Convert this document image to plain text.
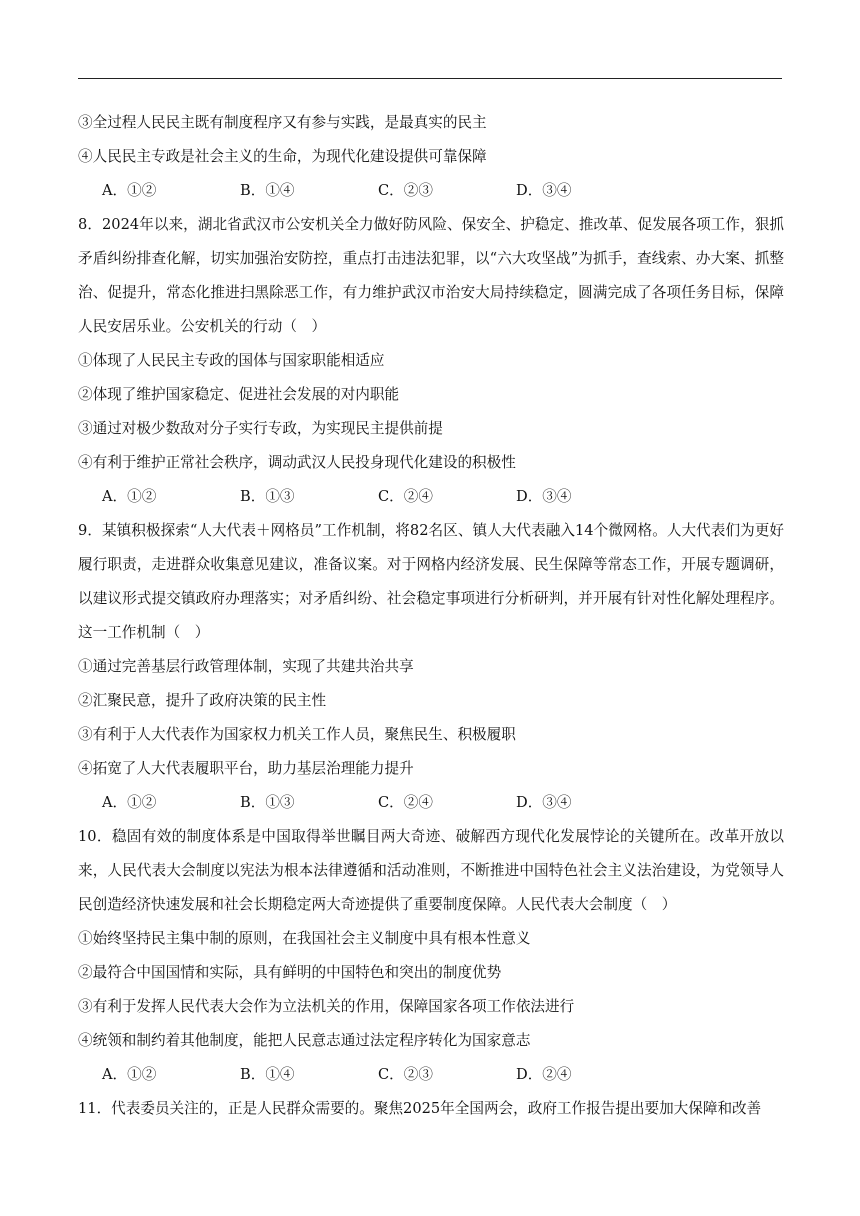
③全过程人民民主既有制度程序又有参与实践，是最真实的民主
④人民民主专政是社会主义的生命，为现代化建设提供可靠保障
A．①②	B．①④	C．②③	D．③④
8．2024年以来，湖北省武汉市公安机关全力做好防风险、保安全、护稳定、推改革、促发展各项工作，狠抓矛盾纠纷排查化解，切实加强治安防控，重点打击违法犯罪，以“六大攻坚战”为抓手，查线索、办大案、抓整治、促提升，常态化推进扫黑除恶工作，有力维护武汉市治安大局持续稳定，圆满完成了各项任务目标，保障人民安居乐业。公安机关的行动（　）
①体现了人民民主专政的国体与国家职能相适应
②体现了维护国家稳定、促进社会发展的对内职能
③通过对极少数敌对分子实行专政，为实现民主提供前提
④有利于维护正常社会秩序，调动武汉人民投身现代化建设的积极性
A．①②	B．①③	C．②④	D．③④
9．某镇积极探索“人大代表＋网格员”工作机制，将82名区、镇人大代表融入14个微网格。人大代表们为更好履行职责，走进群众收集意见建议，准备议案。对于网格内经济发展、民生保障等常态工作，开展专题调研，以建议形式提交镇政府办理落实；对矛盾纠纷、社会稳定事项进行分析研判，并开展有针对性化解处理程序。这一工作机制（　）
①通过完善基层行政管理体制，实现了共建共治共享
②汇聚民意，提升了政府决策的民主性
③有利于人大代表作为国家权力机关工作人员，聚焦民生、积极履职
④拓宽了人大代表履职平台，助力基层治理能力提升
A．①②	B．①③	C．②④	D．③④
10．稳固有效的制度体系是中国取得举世瞩目两大奇迹、破解西方现代化发展悖论的关键所在。改革开放以来，人民代表大会制度以宪法为根本法律遵循和活动准则，不断推进中国特色社会主义法治建设，为党领导人民创造经济快速发展和社会长期稳定两大奇迹提供了重要制度保障。人民代表大会制度（　）
①始终坚持民主集中制的原则，在我国社会主义制度中具有根本性意义
②最符合中国国情和实际，具有鲜明的中国特色和突出的制度优势
③有利于发挥人民代表大会作为立法机关的作用，保障国家各项工作依法进行
④统领和制约着其他制度，能把人民意志通过法定程序转化为国家意志
A．①②	B．①④	C．②③	D．②④
11．代表委员关注的，正是人民群众需要的。聚焦2025年全国两会，政府工作报告提出要加大保障和改善
